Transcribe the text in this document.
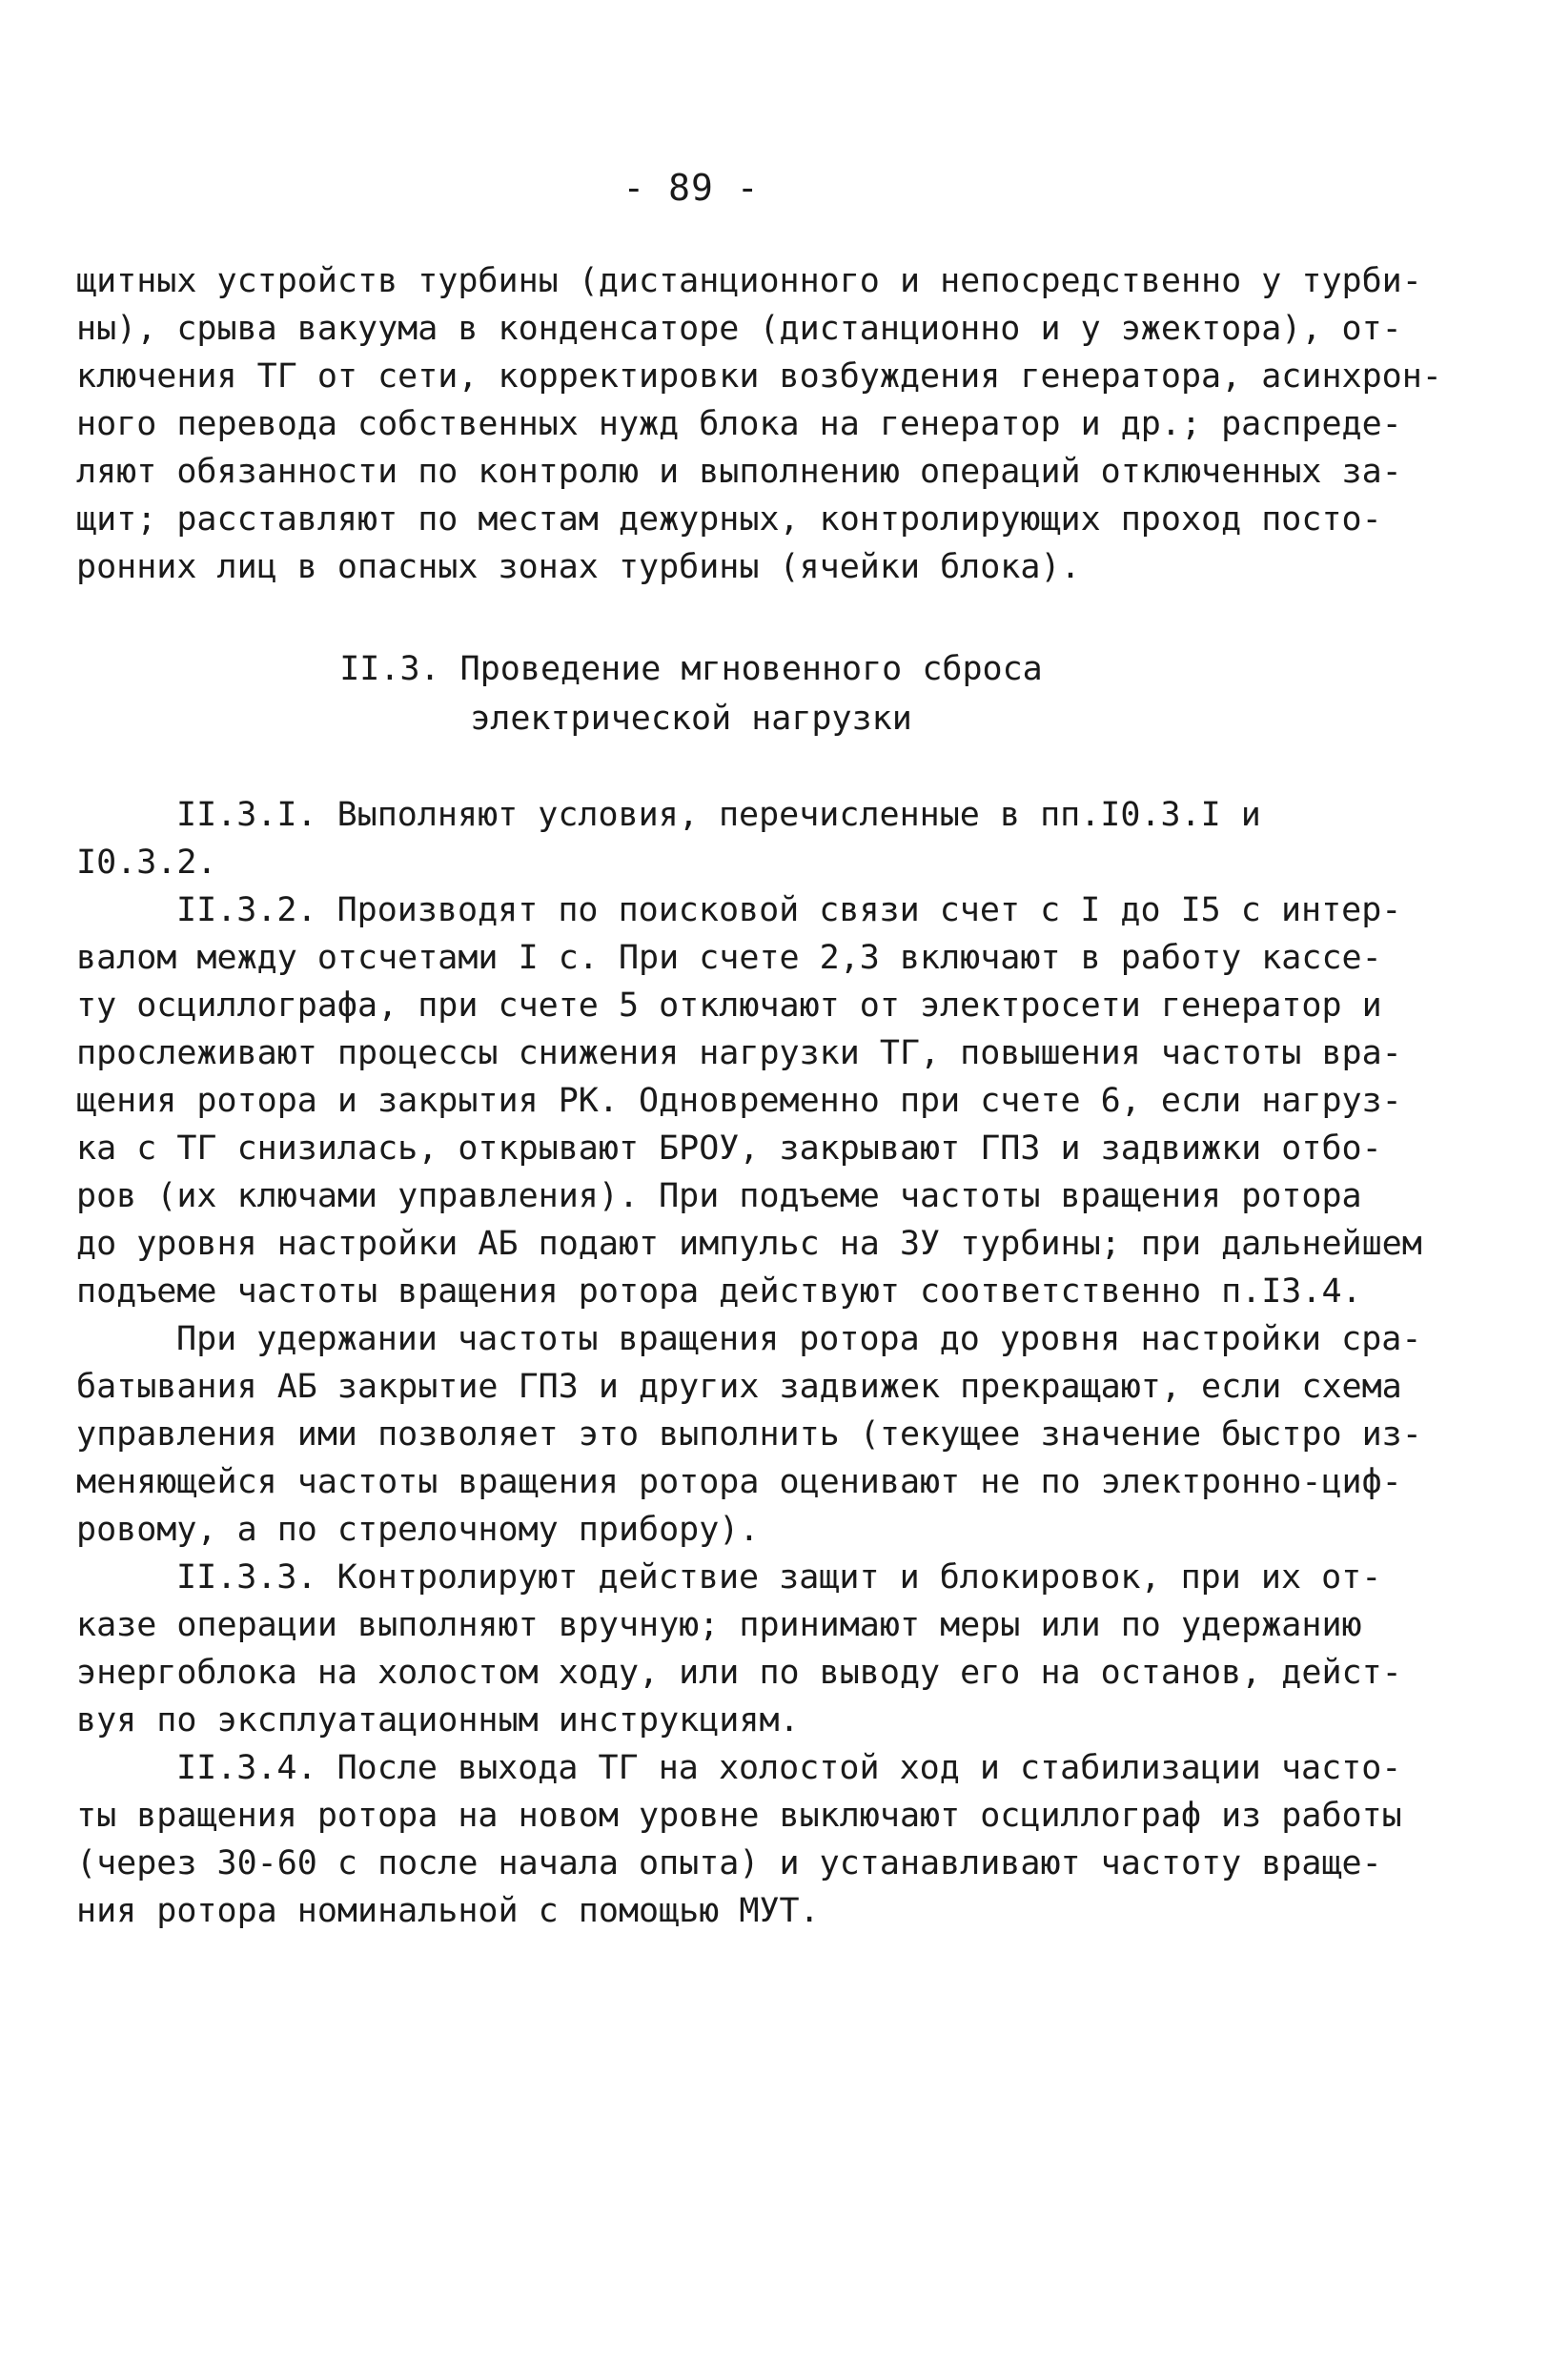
- 89 -
щитных устройств турбины (дистанционного и непосредственно у турби-
ны), срыва вакуума в конденсаторе (дистанционно и у эжектора), от-
ключения ТГ от сети, корректировки возбуждения генератора, асинхрон-
ного перевода собственных нужд блока на генератор и др.; распреде-
ляют обязанности по контролю и выполнению операций отключенных за-
щит; расставляют по местам дежурных, контролирующих проход посто-
ронних лиц в опасных зонах турбины (ячейки блока).
II.3. Проведение мгновенного сброса
электрической нагрузки
II.3.I. Выполняют условия, перечисленные в пп.I0.3.I и
I0.3.2.
II.3.2. Производят по поисковой связи счет с I до I5 с интер-
валом между отсчетами I с. При счете 2,3 включают в работу кассе-
ту осциллографа, при счете 5 отключают от электросети генератор и
прослеживают процессы снижения нагрузки ТГ, повышения частоты вра-
щения ротора и закрытия РК. Одновременно при счете 6, если нагруз-
ка с ТГ снизилась, открывают БРОУ, закрывают ГПЗ и задвижки отбо-
ров (их ключами управления). При подъеме частоты вращения ротора
до уровня настройки АБ подают импульс на ЗУ турбины; при дальнейшем
подъеме частоты вращения ротора действуют соответственно п.I3.4.
При удержании частоты вращения ротора до уровня настройки сра-
батывания АБ закрытие ГПЗ и других задвижек прекращают, если схема
управления ими позволяет это выполнить (текущее значение быстро из-
меняющейся частоты вращения ротора оценивают не по электронно-циф-
ровому, а по стрелочному прибору).
II.3.3. Контролируют действие защит и блокировок, при их от-
казе операции выполняют вручную; принимают меры или по удержанию
энергоблока на холостом ходу, или по выводу его на останов, дейст-
вуя по эксплуатационным инструкциям.
II.3.4. После выхода ТГ на холостой ход и стабилизации часто-
ты вращения ротора на новом уровне выключают осциллограф из работы
(через 30-60 с после начала опыта) и устанавливают частоту враще-
ния ротора номинальной с помощью МУТ.
